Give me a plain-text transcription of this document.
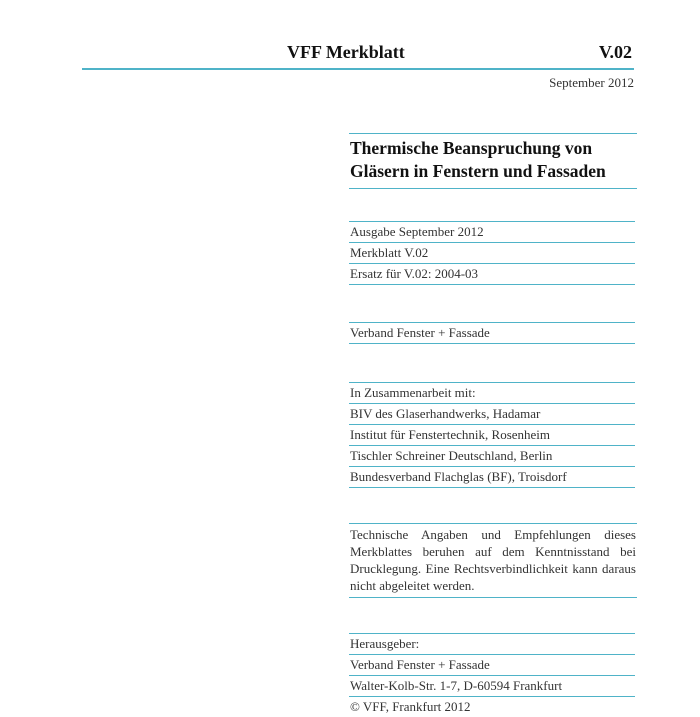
VFF Merkblatt	V.02
September 2012
Thermische Beanspruchung von Gläsern in Fenstern und Fassaden
Ausgabe September 2012
Merkblatt V.02
Ersatz für V.02: 2004-03
Verband Fenster + Fassade
In Zusammenarbeit mit:
BIV des Glaserhandwerks, Hadamar
Institut für Fenstertechnik, Rosenheim
Tischler Schreiner Deutschland, Berlin
Bundesverband Flachglas (BF), Troisdorf
Technische Angaben und Empfehlungen dieses Merkblattes beruhen auf dem Kenntnisstand bei Drucklegung. Eine Rechtsverbindlichkeit kann daraus nicht abgeleitet werden.
Herausgeber:
Verband Fenster + Fassade
Walter-Kolb-Str. 1-7, D-60594 Frankfurt
© VFF, Frankfurt 2012
